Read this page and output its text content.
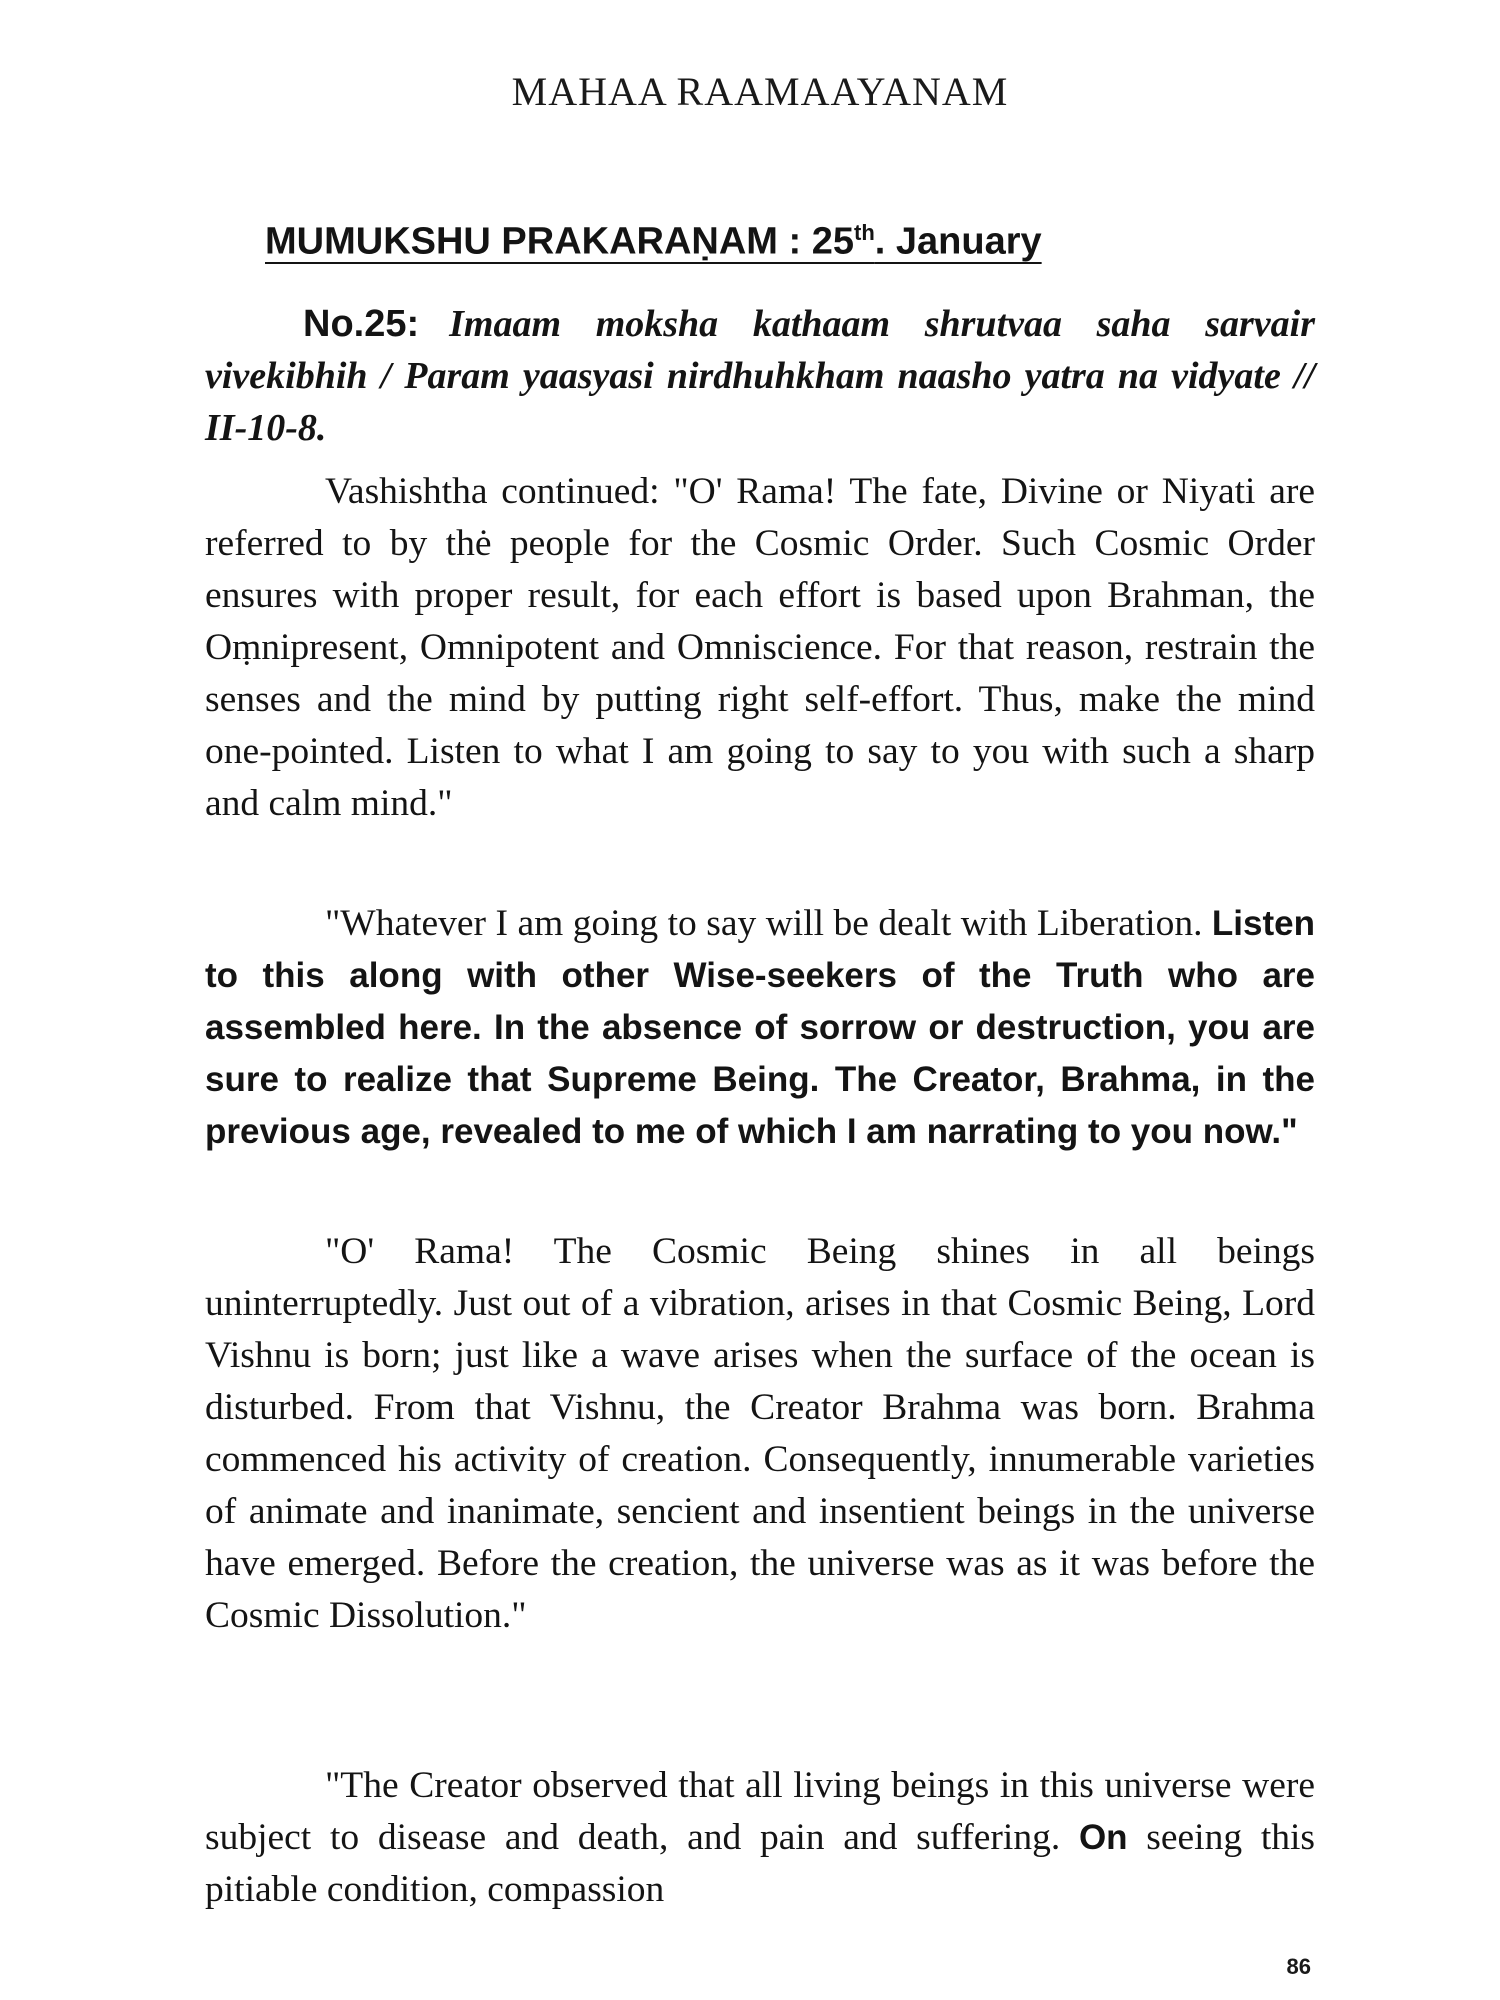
MAHAA RAAMAAYANAM
MUMUKSHU PRAKARAṆAM : 25th. January
No.25: Imaam moksha kathaam shrutvaa saha sarvair vivekibhih / Param yaasyasi nirdhuhkham naasho yatra na vidyate // II-10-8.

Vashishtha continued: "O' Rama! The fate, Divine or Niyati are referred to by thė people for the Cosmic Order. Such Cosmic Order ensures with proper result, for each effort is based upon Brahman, the Oṃnipresent, Omnipotent and Omniscience. For that reason, restrain the senses and the mind by putting right self-effort. Thus, make the mind one-pointed. Listen to what I am going to say to you with such a sharp and calm mind."

"Whatever I am going to say will be dealt with Liberation. Listen to this along with other Wise-seekers of the Truth who are assembled here. In the absence of sorrow or destruction, you are sure to realize that Supreme Being. The Creator, Brahma, in the previous age, revealed to me of which I am narrating to you now."

"O' Rama! The Cosmic Being shines in all beings uninterruptedly. Just out of a vibration, arises in that Cosmic Being, Lord Vishnu is born; just like a wave arises when the surface of the ocean is disturbed. From that Vishnu, the Creator Brahma was born. Brahma commenced his activity of creation. Consequently, innumerable varieties of animate and inanimate, sencient and insentient beings in the universe have emerged. Before the creation, the universe was as it was before the Cosmic Dissolution."

"The Creator observed that all living beings in this universe were subject to disease and death, and pain and suffering. On seeing this pitiable condition, compassion

86
